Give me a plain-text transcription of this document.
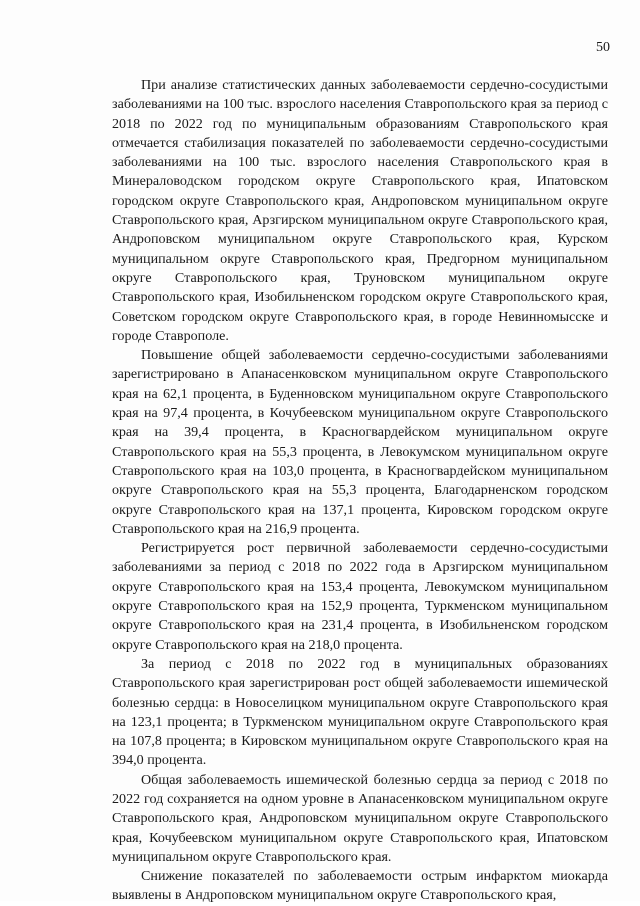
50

При анализе статистических данных заболеваемости сердечно-сосудистыми заболеваниями на 100 тыс. взрослого населения Ставропольского края за период с 2018 по 2022 год по муниципальным образованиям Ставропольского края отмечается стабилизация показателей по заболеваемости сердечно-сосудистыми заболеваниями на 100 тыс. взрослого населения Ставропольского края в Минераловодском городском округе Ставропольского края, Ипатовском городском округе Ставропольского края, Андроповском муниципальном округе Ставропольского края, Арзгирском муниципальном округе Ставропольского края, Андроповском муниципальном округе Ставропольского края, Курском муниципальном округе Ставропольского края, Предгорном муниципальном округе Ставропольского края, Труновском муниципальном округе Ставропольского края, Изобильненском городском округе Ставропольского края, Советском городском округе Ставропольского края, в городе Невинномысске и городе Ставрополе.

Повышение общей заболеваемости сердечно-сосудистыми заболеваниями зарегистрировано в Апанасенковском муниципальном округе Ставропольского края на 62,1 процента, в Буденновском муниципальном округе Ставропольского края на 97,4 процента, в Кочубеевском муниципальном округе Ставропольского края на 39,4 процента, в Красногвардейском муниципальном округе Ставропольского края на 55,3 процента, в Левокумском муниципальном округе Ставропольского края на 103,0 процента, в Красногвардейском муниципальном округе Ставропольского края на 55,3 процента, Благодарненском городском округе Ставропольского края на 137,1 процента, Кировском городском округе Ставропольского края на 216,9 процента.

Регистрируется рост первичной заболеваемости сердечно-сосудистыми заболеваниями за период с 2018 по 2022 года в Арзгирском муниципальном округе Ставропольского края на 153,4 процента, Левокумском муниципальном округе Ставропольского края на 152,9 процента, Туркменском муниципальном округе Ставропольского края на 231,4 процента, в Изобильненском городском округе Ставропольского края на 218,0 процента.

За период с 2018 по 2022 год в муниципальных образованиях Ставропольского края зарегистрирован рост общей заболеваемости ишемической болезнью сердца: в Новоселицком муниципальном округе Ставропольского края на 123,1 процента; в Туркменском муниципальном округе Ставропольского края на 107,8 процента; в Кировском муниципальном округе Ставропольского края на 394,0 процента.

Общая заболеваемость ишемической болезнью сердца за период с 2018 по 2022 год сохраняется на одном уровне в Апанасенковском муниципальном округе Ставропольского края, Андроповском муниципальном округе Ставропольского края, Кочубеевском муниципальном округе Ставропольского края, Ипатовском муниципальном округе Ставропольского края.

Снижение показателей по заболеваемости острым инфарктом миокарда выявлены в Андроповском муниципальном округе Ставропольского края,
